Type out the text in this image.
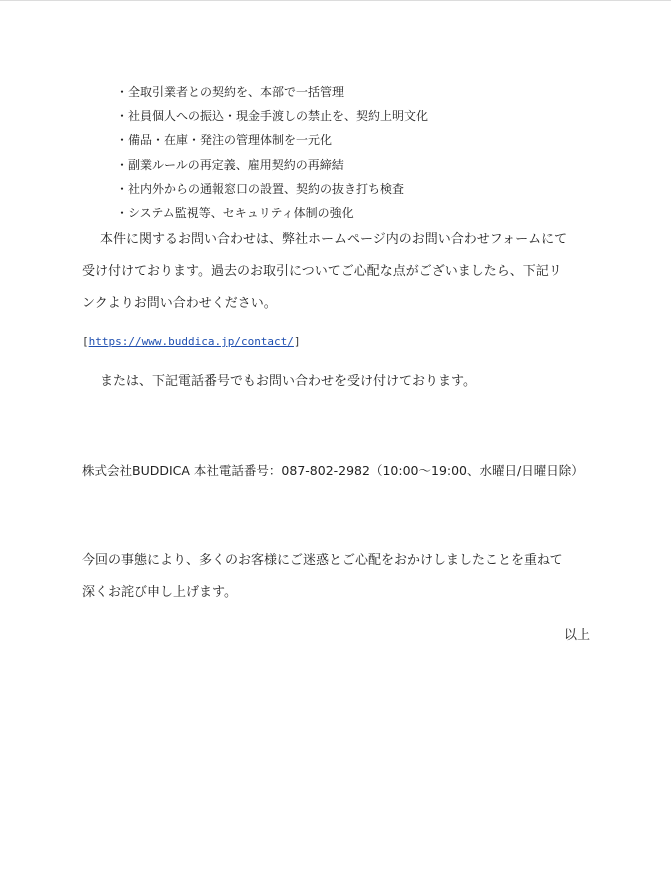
・全取引業者との契約を、本部で一括管理
・社員個人への振込・現金手渡しの禁止を、契約上明文化
・備品・在庫・発注の管理体制を一元化
・副業ルールの再定義、雇用契約の再締結
・社内外からの通報窓口の設置、契約の抜き打ち検査
・システム監視等、セキュリティ体制の強化

本件に関するお問い合わせは、弊社ホームページ内のお問い合わせフォームにて
受け付けております。過去のお取引についてご心配な点がございましたら、下記リ
ンクよりお問い合わせください。

[https://www.buddica.jp/contact/]

または、下記電話番号でもお問い合わせを受け付けております。

株式会社BUDDICA 本社電話番号：087-802-2982（10:00〜19:00、水曜日/日曜日除）

今回の事態により、多くのお客様にご迷惑とご心配をおかけしましたことを重ねて
深くお詫び申し上げます。

以上
